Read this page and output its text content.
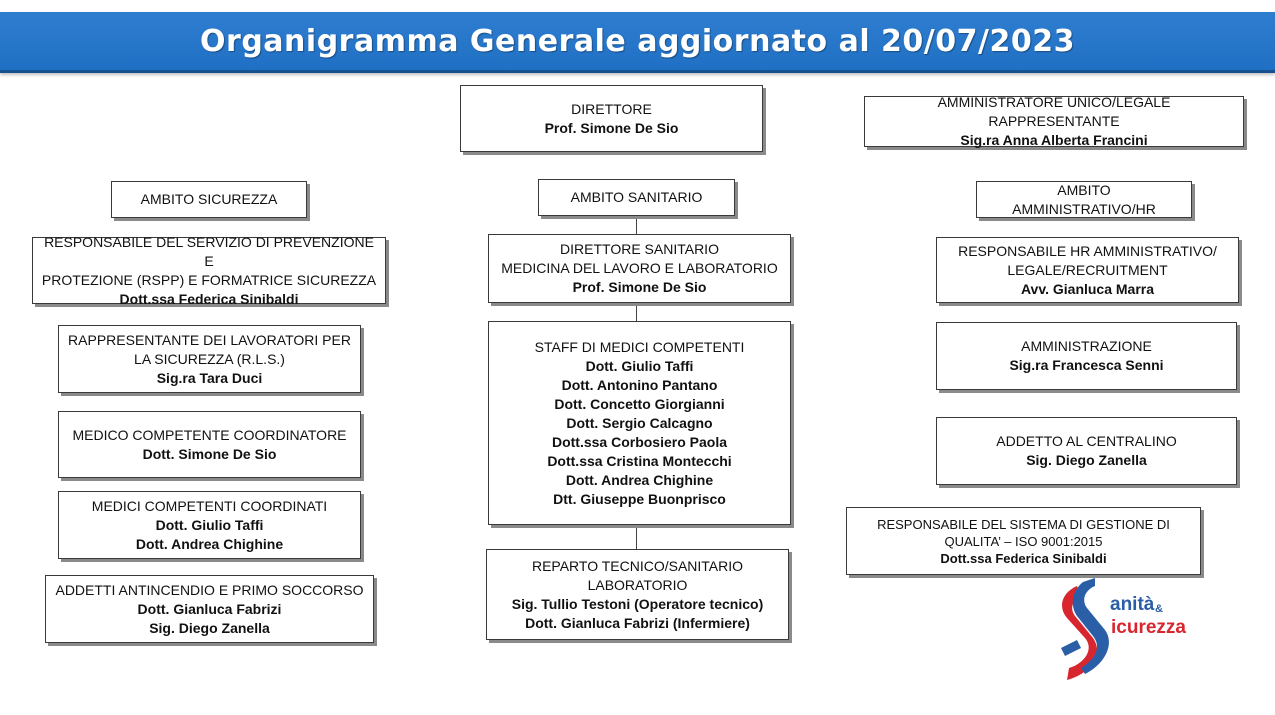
Organigramma Generale aggiornato al 20/07/2023
DIRETTORE
Prof. Simone De Sio
AMMINISTRATORE UNICO/LEGALE RAPPRESENTANTE
Sig.ra Anna Alberta Francini
AMBITO SICUREZZA
RESPONSABILE DEL SERVIZIO DI PREVENZIONE E
PROTEZIONE (RSPP) E FORMATRICE SICUREZZA
Dott.ssa Federica Sinibaldi
RAPPRESENTANTE DEI LAVORATORI PER
LA SICUREZZA (R.L.S.)
Sig.ra Tara Duci
MEDICO COMPETENTE COORDINATORE
Dott. Simone De Sio
MEDICI COMPETENTI COORDINATI
Dott. Giulio Taffi
Dott. Andrea Chighine
ADDETTI ANTINCENDIO E PRIMO SOCCORSO
Dott. Gianluca Fabrizi
Sig. Diego Zanella
AMBITO SANITARIO
DIRETTORE SANITARIO
MEDICINA DEL LAVORO E LABORATORIO
Prof. Simone De Sio
STAFF DI MEDICI COMPETENTI
Dott. Giulio Taffi
Dott. Antonino Pantano
Dott. Concetto Giorgianni
Dott. Sergio Calcagno
Dott.ssa Corbosiero Paola
Dott.ssa Cristina Montecchi
Dott. Andrea Chighine
Dtt. Giuseppe Buonprisco
REPARTO TECNICO/SANITARIO
LABORATORIO
Sig. Tullio Testoni (Operatore tecnico)
Dott. Gianluca Fabrizi (Infermiere)
AMBITO AMMINISTRATIVO/HR
RESPONSABILE HR AMMINISTRATIVO/
LEGALE/RECRUITMENT
Avv. Gianluca Marra
AMMINISTRAZIONE
Sig.ra Francesca Senni
ADDETTO AL CENTRALINO
Sig. Diego Zanella
RESPONSABILE DEL SISTEMA DI GESTIONE DI
QUALITA’ – ISO 9001:2015
Dott.ssa Federica Sinibaldi
anità &
icurezza
